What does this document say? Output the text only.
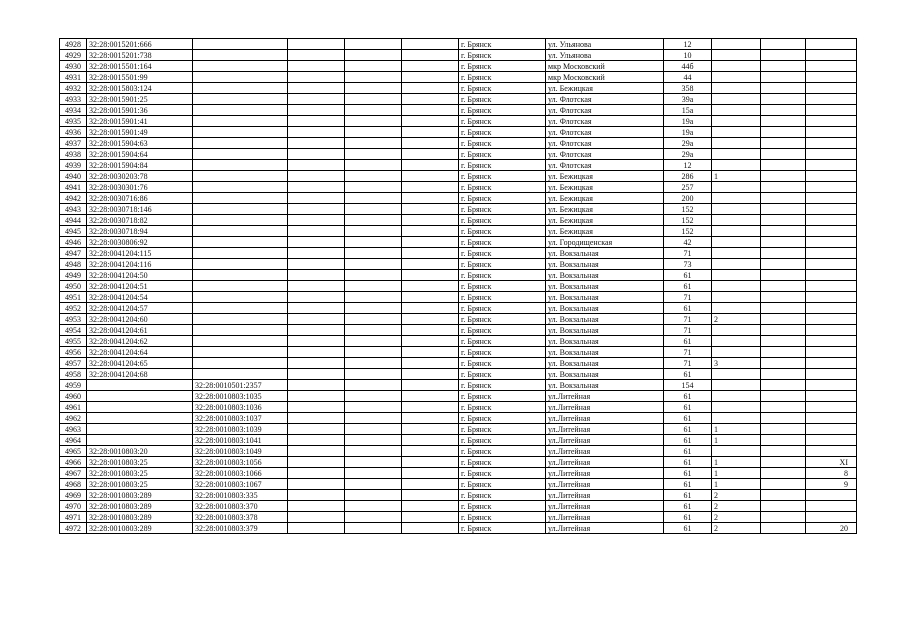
4928	32:28:0015201:666					г. Брянск	ул. Ульянова	12			
4929	32:28:0015201:738					г. Брянск	ул. Ульянова	10			
4930	32:28:0015501:164					г. Брянск	мкр Московский	44б			
4931	32:28:0015501:99					г. Брянск	мкр Московский	44			
4932	32:28:0015803:124					г. Брянск	ул. Бежицкая	358			
4933	32:28:0015901:25					г. Брянск	ул. Флотская	39а			
4934	32:28:0015901:36					г. Брянск	ул. Флотская	15а			
4935	32:28:0015901:41					г. Брянск	ул. Флотская	19а			
4936	32:28:0015901:49					г. Брянск	ул. Флотская	19а			
4937	32:28:0015904:63					г. Брянск	ул. Флотская	29а			
4938	32:28:0015904:64					г. Брянск	ул. Флотская	29а			
4939	32:28:0015904:84					г. Брянск	ул. Флотская	12			
4940	32:28:0030203:78					г. Брянск	ул. Бежицкая	286	1		
4941	32:28:0030301:76					г. Брянск	ул. Бежицкая	257			
4942	32:28:0030716:86					г. Брянск	ул. Бежицкая	200			
4943	32:28:0030718:146					г. Брянск	ул. Бежицкая	152			
4944	32:28:0030718:82					г. Брянск	ул. Бежицкая	152			
4945	32:28:0030718:94					г. Брянск	ул. Бежицкая	152			
4946	32:28:0030806:92					г. Брянск	ул. Городищенская	42			
4947	32:28:0041204:115					г. Брянск	ул. Вокзальная	71			
4948	32:28:0041204:116					г. Брянск	ул. Вокзальная	73			
4949	32:28:0041204:50					г. Брянск	ул. Вокзальная	61			
4950	32:28:0041204:51					г. Брянск	ул. Вокзальная	61			
4951	32:28:0041204:54					г. Брянск	ул. Вокзальная	71			
4952	32:28:0041204:57					г. Брянск	ул. Вокзальная	61			
4953	32:28:0041204:60					г. Брянск	ул. Вокзальная	71	2		
4954	32:28:0041204:61					г. Брянск	ул. Вокзальная	71			
4955	32:28:0041204:62					г. Брянск	ул. Вокзальная	61			
4956	32:28:0041204:64					г. Брянск	ул. Вокзальная	71			
4957	32:28:0041204:65					г. Брянск	ул. Вокзальная	71	3		
4958	32:28:0041204:68					г. Брянск	ул. Вокзальная	61			
4959		32:28:0010501:2357				г. Брянск	ул. Вокзальная	154			
4960		32:28:0010803:1035				г. Брянск	ул.Литейная	61			
4961		32:28:0010803:1036				г. Брянск	ул.Литейная	61			
4962		32:28:0010803:1037				г. Брянск	ул.Литейная	61			
4963		32:28:0010803:1039				г. Брянск	ул.Литейная	61	1		
4964		32:28:0010803:1041				г. Брянск	ул.Литейная	61	1		
4965	32:28:0010803:20	32:28:0010803:1049				г. Брянск	ул.Литейная	61			
4966	32:28:0010803:25	32:28:0010803:1056				г. Брянск	ул.Литейная	61	1		XI
4967	32:28:0010803:25	32:28:0010803:1066				г. Брянск	ул.Литейная	61	1		8
4968	32:28:0010803:25	32:28:0010803:1067				г. Брянск	ул.Литейная	61	1		9
4969	32:28:0010803:289	32:28:0010803:335				г. Брянск	ул.Литейная	61	2		
4970	32:28:0010803:289	32:28:0010803:370				г. Брянск	ул.Литейная	61	2		
4971	32:28:0010803:289	32:28:0010803:378				г. Брянск	ул.Литейная	61	2		
4972	32:28:0010803:289	32:28:0010803:379				г. Брянск	ул.Литейная	61	2		20
